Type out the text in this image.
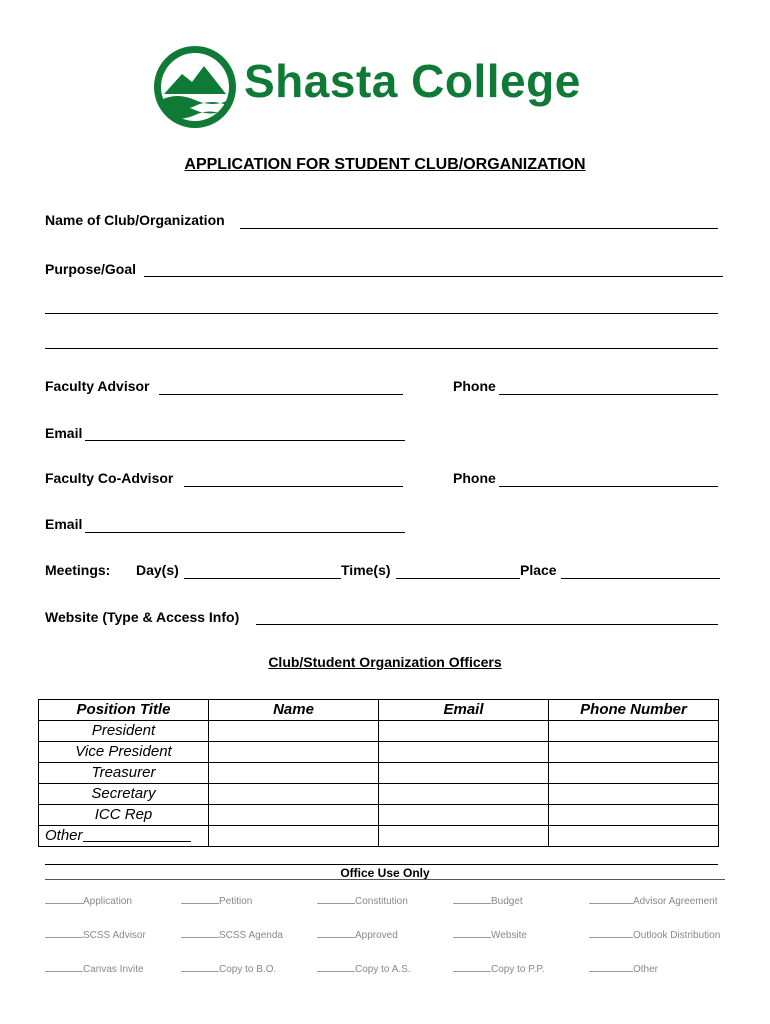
Shasta College
APPLICATION FOR STUDENT CLUB/ORGANIZATION
Name of Club/Organization
Purpose/Goal
Faculty Advisor	Phone
Email
Faculty Co-Advisor	Phone
Email
Meetings: Day(s)	Time(s)	Place
Website (Type & Access Info)
Club/Student Organization Officers
Position Title	Name	Email	Phone Number
President			
Vice President			
Treasurer			
Secretary			
ICC Rep			
Other			
Office Use Only
Application	Petition	Constitution	Budget	Advisor Agreement
SCSS Advisor	SCSS Agenda	Approved	Website	Outlook Distribution
Canvas Invite	Copy to B.O.	Copy to A.S.	Copy to P.P.	Other
